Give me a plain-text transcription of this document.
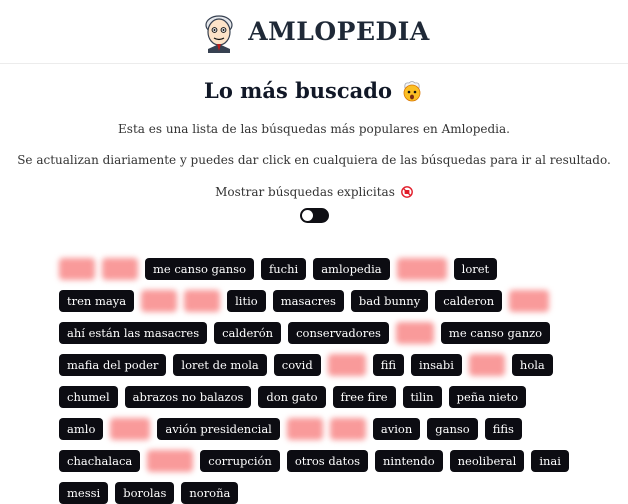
AMLOPEDIA
Lo más buscado

Esta es una lista de las búsquedas más populares en Amlopedia.

Se actualizan diariamente y puedes dar click en cualquiera de las búsquedas para ir al resultado.

Mostrar búsquedas explicitas

me canso ganso	fuchi	amlopedia
	loret
tren maya

	litio	masacres	bad bunny	calderon

ahí están las masacres	calderón	conservadores
	me canso ganzo
mafia del poder	loret de mola	covid
	fifi	insabi
	hola
chumel	abrazos no balazos	don gato	free fire	tilin	peña nieto
amlo
	avión presidencial

	avion	ganso	fifis
chachalaca
	corrupción	otros datos	nintendo	neoliberal	inai
messi	borolas	noroña
